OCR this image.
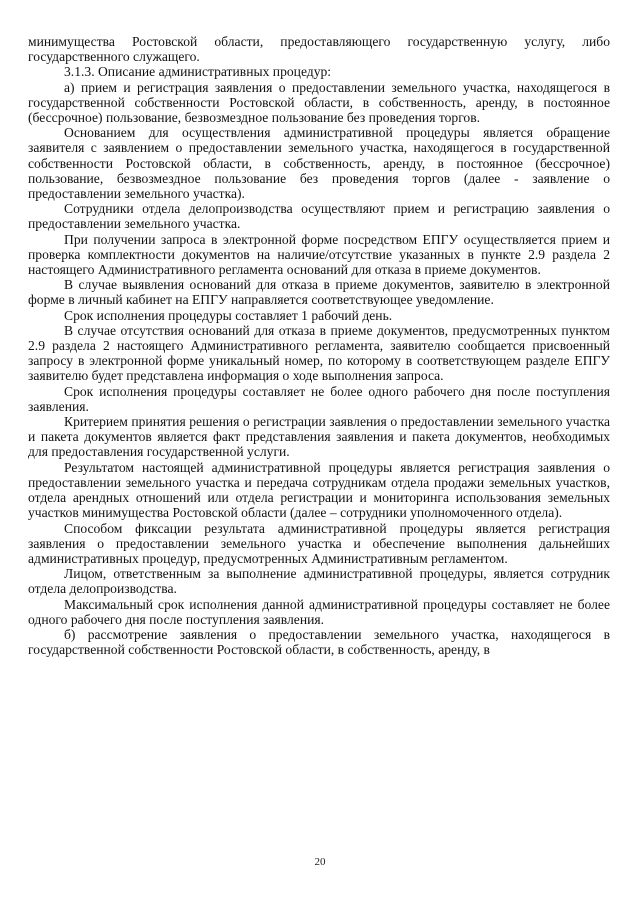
минимущества Ростовской области, предоставляющего государственную услугу, либо государственного служащего.

3.1.3. Описание административных процедур:

а) прием и регистрация заявления о предоставлении земельного участка, находящегося в государственной собственности Ростовской области, в собственность, аренду, в постоянное (бессрочное) пользование, безвозмездное пользование без проведения торгов.

Основанием для осуществления административной процедуры является обращение заявителя с заявлением о предоставлении земельного участка, находящегося в государственной собственности Ростовской области, в собственность, аренду, в постоянное (бессрочное) пользование, безвозмездное пользование без проведения торгов (далее - заявление о предоставлении земельного участка).

Сотрудники отдела делопроизводства осуществляют прием и регистрацию заявления о предоставлении земельного участка.

При получении запроса в электронной форме посредством ЕПГУ осуществляется прием и проверка комплектности документов на наличие/отсутствие указанных в пункте 2.9 раздела 2 настоящего Административного регламента оснований для отказа в приеме документов.

В случае выявления оснований для отказа в приеме документов, заявителю в электронной форме в личный кабинет на ЕПГУ направляется соответствующее уведомление.

Срок исполнения процедуры составляет 1 рабочий день.

В случае отсутствия оснований для отказа в приеме документов, предусмотренных пунктом 2.9 раздела 2 настоящего Административного регламента, заявителю сообщается присвоенный запросу в электронной форме уникальный номер, по которому в соответствующем разделе ЕПГУ заявителю будет представлена информация о ходе выполнения запроса.

Срок исполнения процедуры составляет не более одного рабочего дня после поступления заявления.

Критерием принятия решения о регистрации заявления о предоставлении земельного участка и пакета документов является факт представления заявления и пакета документов, необходимых для предоставления государственной услуги.

Результатом настоящей административной процедуры является регистрация заявления о предоставлении земельного участка и передача сотрудникам отдела продажи земельных участков, отдела арендных отношений или отдела регистрации и мониторинга использования земельных участков минимущества Ростовской области (далее – сотрудники уполномоченного отдела).

Способом фиксации результата административной процедуры является регистрация заявления о предоставлении земельного участка и обеспечение выполнения дальнейших административных процедур, предусмотренных Административным регламентом.

Лицом, ответственным за выполнение административной процедуры, является сотрудник отдела делопроизводства.

Максимальный срок исполнения данной административной процедуры составляет не более одного рабочего дня после поступления заявления.

б) рассмотрение заявления о предоставлении земельного участка, находящегося в государственной собственности Ростовской области, в собственность, аренду, в

20
